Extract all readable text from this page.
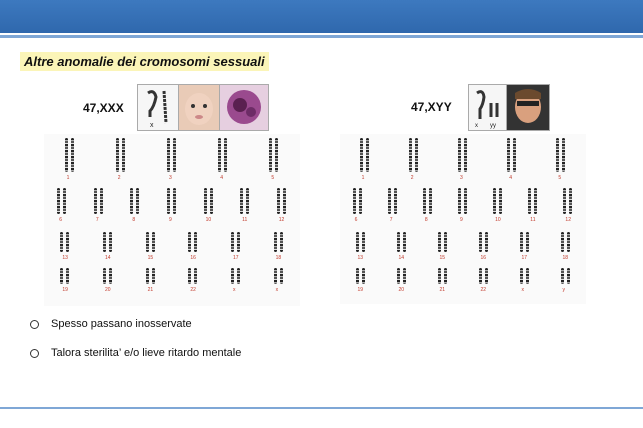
Altre anomalie dei cromosomi sessuali
47,XXX	47,XYY
x	x yy
1	2	3	4	5
6	7	8	9	10	11	12
13	14	15	16	17	18
19	20	21	22	x	x
1	2	3	4	5
6	7	8	9	10	11	12
13	14	15	16	17	18
19	20	21	22	x	y
Spesso passano inosservate
Talora sterilita’ e/o lieve ritardo mentale
